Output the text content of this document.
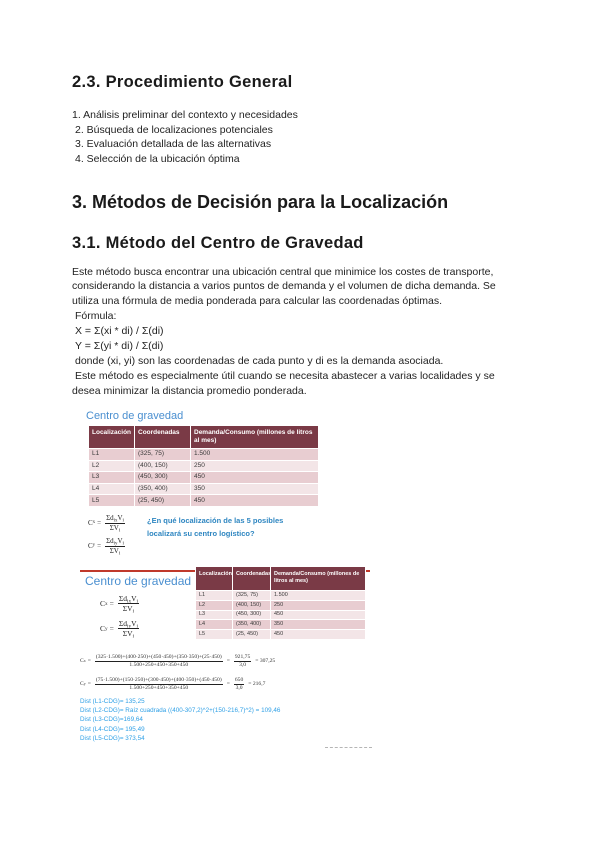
2.3. Procedimiento General
1. Análisis preliminar del contexto y necesidades
2. Búsqueda de localizaciones potenciales
3. Evaluación detallada de las alternativas
4. Selección de la ubicación óptima
3. Métodos de Decisión para la Localización
3.1. Método del Centro de Gravedad
Este método busca encontrar una ubicación central que minimice los costes de transporte,
considerando la distancia a varios puntos de demanda y el volumen de dicha demanda. Se
utiliza una fórmula de media ponderada para calcular las coordenadas óptimas.
Fórmula:
X = Σ(xi * di) / Σ(di)
Y = Σ(yi * di) / Σ(di)
donde (xi, yi) son las coordenadas de cada punto y di es la demanda asociada.
Este método es especialmente útil cuando se necesita abastecer a varias localidades y se
desea minimizar la distancia promedio ponderada.
Centro de gravedad
Localización	Coordenadas	Demanda/Consumo (millones de litros al mes)
L1	(325, 75)	1.500
L2	(400, 150)	250
L3	(450, 300)	450
L4	(350, 400)	350
L5	(25, 450)	450
C $x = \frac{\Sigma d_{ix}V_i}{\Sigma V_i}$
C $y = \frac{\Sigma d_{iy}V_i}{\Sigma V_i}$
¿En qué localización de las 5 posibles
localizará su centro logístico?
Centro de gravedad Localización	Coordenadas	Demanda/Consumo (millones de litros al mes)
L1	(325, 75)	1.500
L2	(400, 150)	250
L3	(450, 300)	450
L4	(350, 400)	350
L5	(25, 450)	450
C $x = \frac{\Sigma d_{ix}V_i}{\Sigma V_i}$
C $y = \frac{\Sigma d_{iy}V_i}{\Sigma V_i}$
C $x = \frac{(325\cdot 1.500)+(400\cdot 250)+(450\cdot 450)+(350\cdot 350)+(25\cdot 450)}{1.500+250+450+350+450} = \frac{921,75}{3,0} = 307,25$
C $y = \frac{(75\cdot 1.500)+(150\cdot 250)+(300\cdot 450)+(400\cdot 350)+(450\cdot 450)}{1.500+250+450+350+450} = \frac{650}{3,0} = 216,7$
Dist (L1-CDG)= 135,25
Dist (L2-CDG)= Raíz cuadrada ((400-307,2)^2+(150-216,7)^2) = 109,46
Dist (L3-CDG)=169,64
Dist (L4-CDG)= 195,49
Dist (L5-CDG)= 373,54
